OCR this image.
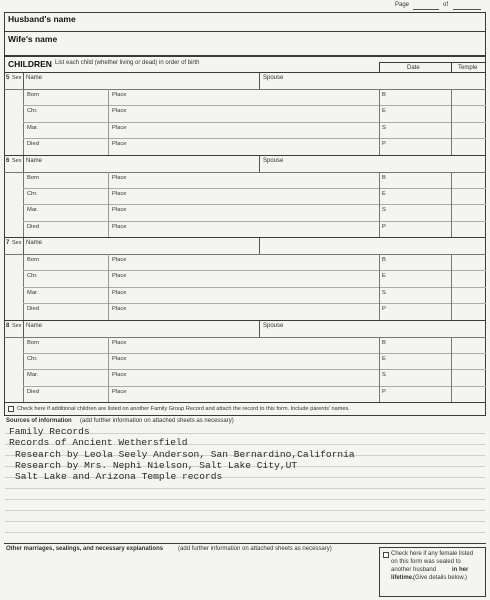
Page	of
Husband's name
Wife's name
CHILDREN List each child (whether living or dead) in order of birth
Date	Temple
5 Sex Name	Spouse
Born	Place	B
Chr.	Place	E
Mar.	Place	S
Died	Place	P
6 Sex Name	Spouse
Born	Place	B
Chr.	Place	E
Mar.	Place	S
Died	Place	P
7 Sex Name
Born	Place	B
Chr.	Place	E
Mar.	Place	S
Died	Place	P
8 Sex Name	Spouse
Born	Place	B
Chr.	Place	E
Mar.	Place	S
Died	Place	P
Check here if additional children are listed on another Family Group Record and attach the record to this form. Include parents' names.
Sources of information (add further information on attached sheets as necessary)
Family Records
Records of Ancient Wethersfield
Research by Leola Seely Anderson, San Bernardino,California
Research by Mrs. Nephi Nielson, Salt Lake City,UT
Salt Lake and Arizona Temple records
Other marriages, sealings, and necessary explanations (add further information on attached sheets as necessary)
Check here if any female listed
on this form was sealed to
another husband	in her
lifetime. (Give details below.)
